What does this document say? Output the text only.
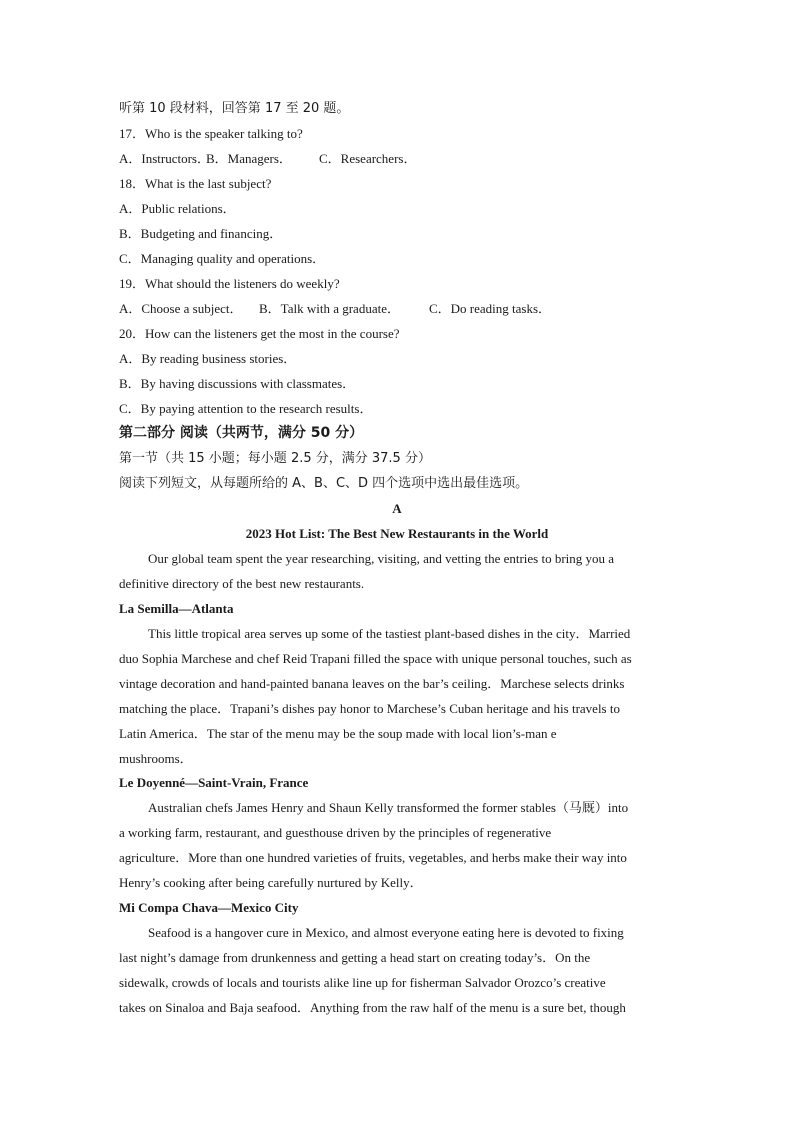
听第 10 段材料，回答第 17 至 20 题。
17．Who is the speaker talking to?
A．Instructors．B．Managers． C．Researchers．
18．What is the last subject?
A．Public relations．
B．Budgeting and financing．
C．Managing quality and operations．
19．What should the listeners do weekly?
A．Choose a subject． B．Talk with a graduate． C．Do reading tasks．
20．How can the listeners get the most in the course?
A．By reading business stories．
B．By having discussions with classmates．
C．By paying attention to the research results．
第二部分 阅读（共两节，满分 50 分）
第一节（共 15 小题；每小题 2.5 分，满分 37.5 分）
阅读下列短文，从每题所给的 A、B、C、D 四个选项中选出最佳选项。
A
2023 Hot List: The Best New Restaurants in the World
Our global team spent the year researching, visiting, and vetting the entries to bring you a
definitive directory of the best new restaurants.
La Semilla—Atlanta
This little tropical area serves up some of the tastiest plant-based dishes in the city．Married
duo Sophia Marchese and chef Reid Trapani filled the space with unique personal touches, such as
vintage decoration and hand-painted banana leaves on the bar’s ceiling．Marchese selects drinks
matching the place．Trapani’s dishes pay honor to Marchese’s Cuban heritage and his travels to
Latin America．The star of the menu may be the soup made with local lion’s-man e
mushrooms．
Le Doyenné—Saint-Vrain, France
Australian chefs James Henry and Shaun Kelly transformed the former stables（马厩）into
a working farm, restaurant, and guesthouse driven by the principles of regenerative
agriculture．More than one hundred varieties of fruits, vegetables, and herbs make their way into
Henry’s cooking after being carefully nurtured by Kelly．
Mi Compa Chava—Mexico City
Seafood is a hangover cure in Mexico, and almost everyone eating here is devoted to fixing
last night’s damage from drunkenness and getting a head start on creating today’s．On the
sidewalk, crowds of locals and tourists alike line up for fisherman Salvador Orozco’s creative
takes on Sinaloa and Baja seafood．Anything from the raw half of the menu is a sure bet, though
